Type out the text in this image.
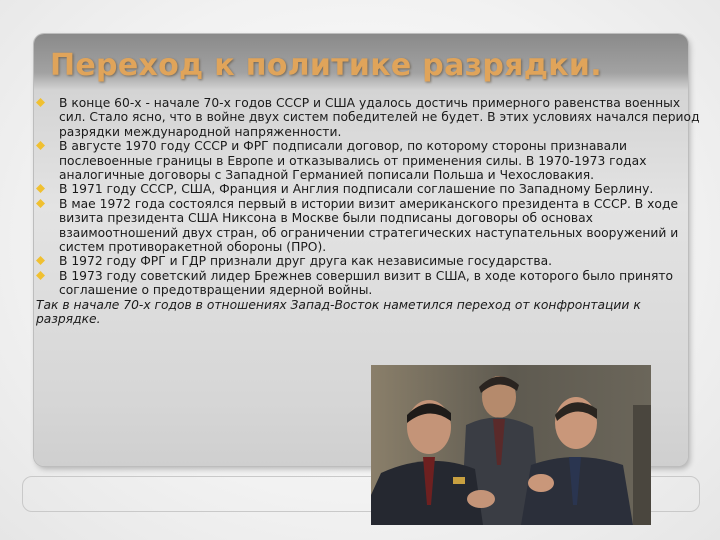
Переход к политике разрядки.
В конце 60-х - начале 70-х годов СССР и США удалось достичь примерного равенства военных сил. Стало ясно, что в войне двух систем победителей не будет. В этих условиях начался период разрядки международной напряженности.
В августе 1970 году СССР и ФРГ подписали договор, по которому стороны признавали послевоенные границы в Европе и отказывались от применения силы. В 1970-1973 годах аналогичные договоры с Западной Германией пописали Польша и Чехословакия.
В 1971 году СССР, США, Франция и Англия подписали соглашение по Западному Берлину.
В мае 1972 года состоялся первый в истории визит американского президента в СССР. В ходе визита президента США Никсона в Москве были подписаны договоры об основах взаимоотношений двух стран, об ограничении стратегических наступательных вооружений и систем противоракетной обороны (ПРО).
В 1972 году ФРГ и ГДР признали друг друга как независимые государства.
В 1973 году советский лидер Брежнев совершил визит в США, в ходе которого было принято соглашение о предотвращении ядерной войны.

Так в начале 70-х годов в отношениях Запад-Восток наметился переход от конфронтации к разрядке.
